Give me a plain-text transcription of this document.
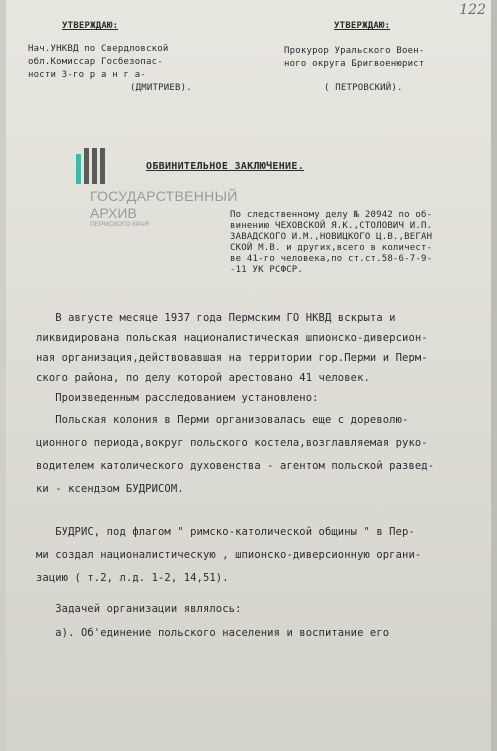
122
УТВЕРЖДАЮ:
Нач.УНКВД по Свердловской
обл.Комиссар Госбезопас-
ности 3-го р а н г а-
(ДМИТРИЕВ).
УТВЕРЖДАЮ:
Прокурор Уральского Воен-
ного округа Бригвоенюрист
( ПЕТРОВСКИЙ).
ОБВИНИТЕЛЬНОЕ ЗАКЛЮЧЕНИЕ.
ГОСУДАРСТВЕННЫЙ
АРХИВ
ПЕРМСКОГО КРАЯ
По следственному делу № 20942 по об-
винению ЧЕХОВСКОЙ Я.К.,СТОЛОВИЧ И.П.
ЗАВАДСКОГО И.М.,НОВИЦКОГО Ц.В.,ВЕГАН
СКОЙ М.В. и других,всего в количест-
ве 41-го человека,по ст.ст.58-6-7-9-
-11 УК РСФСР.
В августе месяце 1937 года Пермским ГО НКВД вскрыта и
ликвидирована польская националистическая шпионско-диверсион-
ная организация,действовавшая на территории гор.Перми и Перм-
ского района, по делу которой арестовано 41 человек.
Произведенным расследованием установлено:
Польская колония в Перми организовалась еще с дореволю-
ционного периода,вокруг польского костела,возглавляемая руко-
водителем католического духовенства - агентом польской развед-
ки - ксендзом БУДРИСОМ.
БУДРИС, под флагом " римско-католической общины " в Пер-
ми создал националистическую , шпионско-диверсионную органи-
зацию ( т.2, л.д. 1-2, 14,51).
Задачей организации являлось:
а). Об'единение польского населения и воспитание его
